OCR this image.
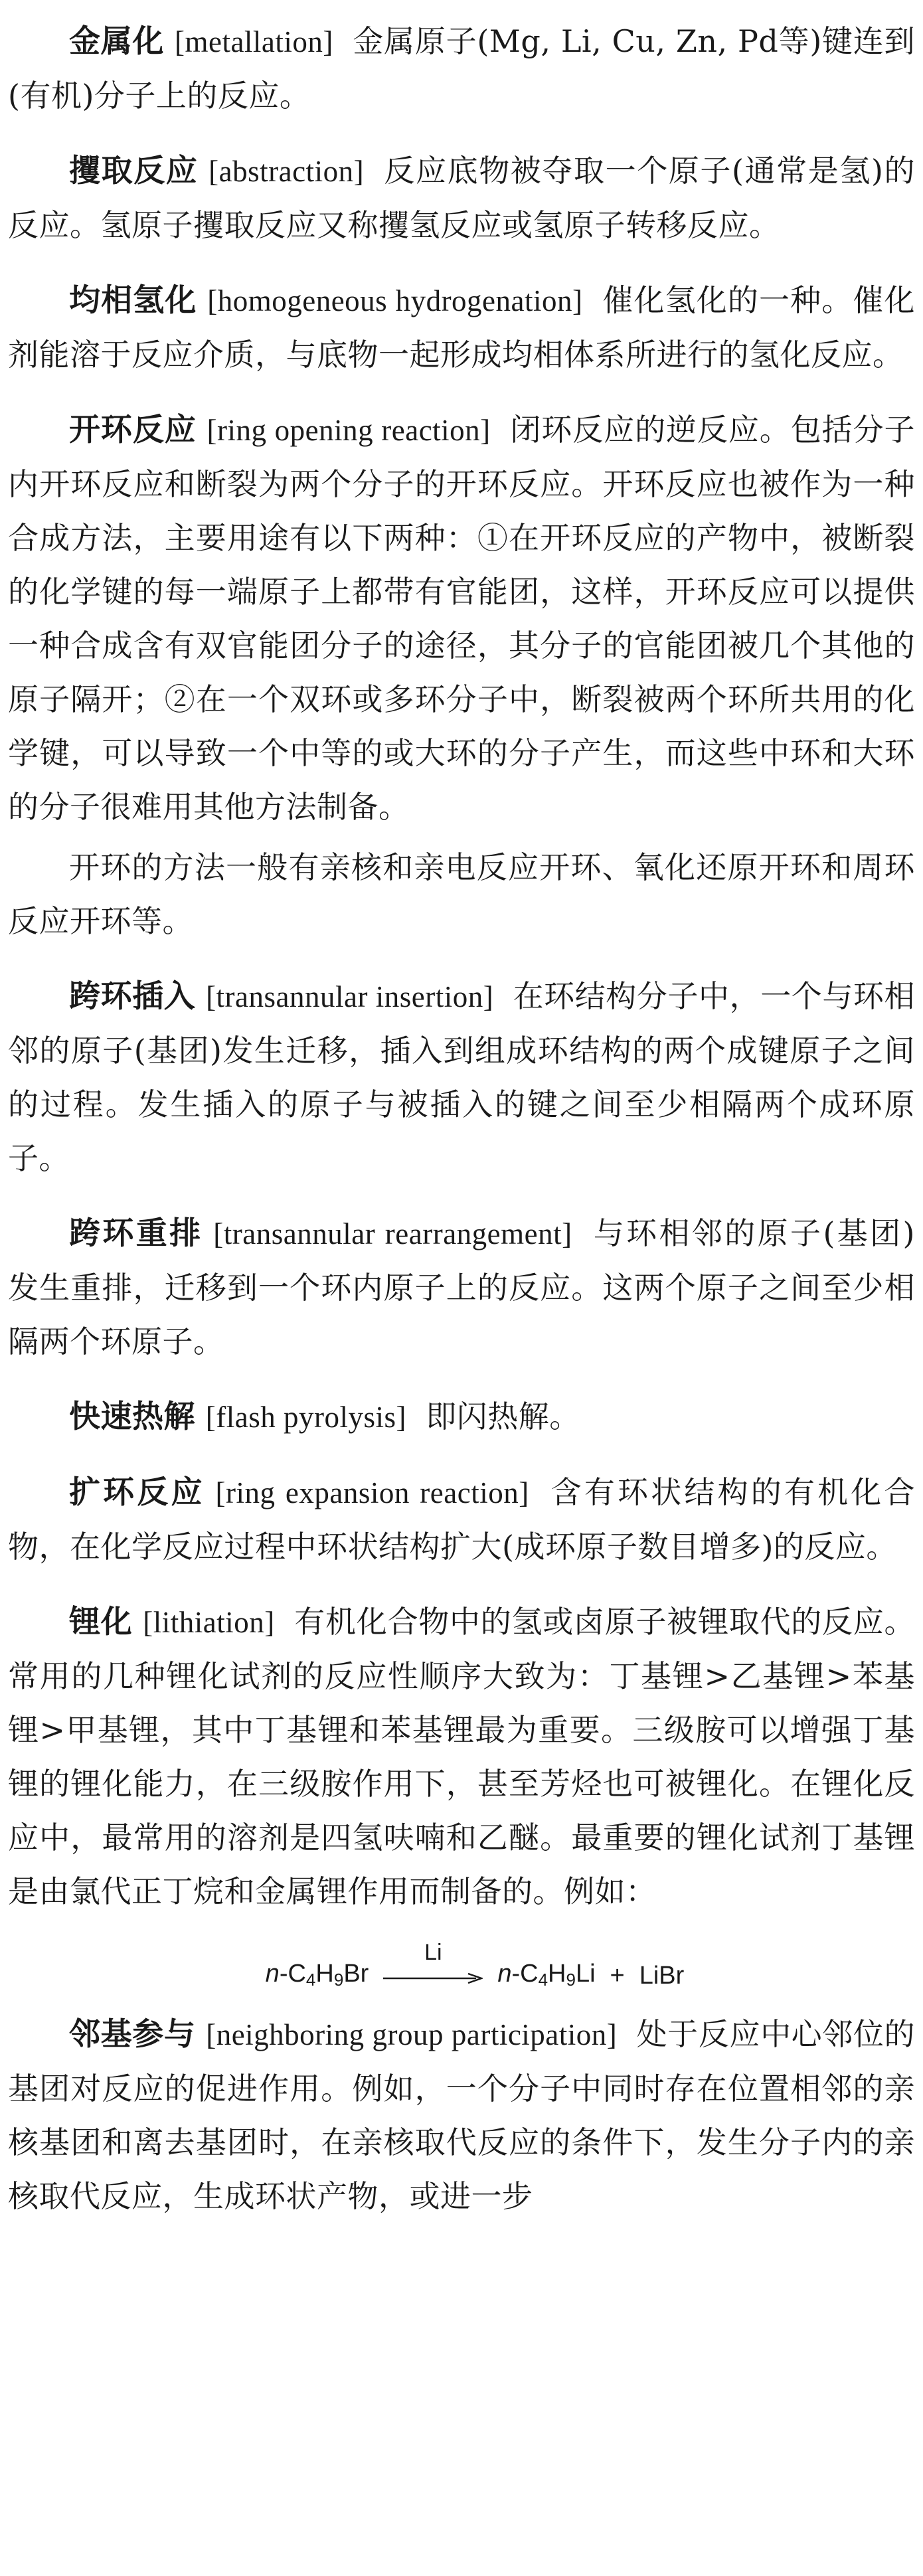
金属化 [metallation] 金属原子(Mg, Li, Cu, Zn, Pd等)键连到(有机)分子上的反应。

攫取反应 [abstraction] 反应底物被夺取一个原子(通常是氢)的反应。氢原子攫取反应又称攫氢反应或氢原子转移反应。

均相氢化 [homogeneous hydrogenation] 催化氢化的一种。催化剂能溶于反应介质，与底物一起形成均相体系所进行的氢化反应。

开环反应 [ring opening reaction] 闭环反应的逆反应。包括分子内开环反应和断裂为两个分子的开环反应。开环反应也被作为一种合成方法，主要用途有以下两种：①在开环反应的产物中，被断裂的化学键的每一端原子上都带有官能团，这样，开环反应可以提供一种合成含有双官能团分子的途径，其分子的官能团被几个其他的原子隔开；②在一个双环或多环分子中，断裂被两个环所共用的化学键，可以导致一个中等的或大环的分子产生，而这些中环和大环的分子很难用其他方法制备。

开环的方法一般有亲核和亲电反应开环、氧化还原开环和周环反应开环等。

跨环插入 [transannular insertion] 在环结构分子中，一个与环相邻的原子(基团)发生迁移，插入到组成环结构的两个成键原子之间的过程。发生插入的原子与被插入的键之间至少相隔两个成环原子。

跨环重排 [transannular rearrangement] 与环相邻的原子(基团)发生重排，迁移到一个环内原子上的反应。这两个原子之间至少相隔两个环原子。

快速热解 [flash pyrolysis] 即闪热解。

扩环反应 [ring expansion reaction] 含有环状结构的有机化合物，在化学反应过程中环状结构扩大(成环原子数目增多)的反应。

锂化 [lithiation] 有机化合物中的氢或卤原子被锂取代的反应。常用的几种锂化试剂的反应性顺序大致为：丁基锂>乙基锂>苯基锂>甲基锂，其中丁基锂和苯基锂最为重要。三级胺可以增强丁基锂的锂化能力，在三级胺作用下，甚至芳烃也可被锂化。在锂化反应中，最常用的溶剂是四氢呋喃和乙醚。最重要的锂化试剂丁基锂是由氯代正丁烷和金属锂作用而制备的。例如：

$n-C_4H_9Br$
Li
$n-C_4H_9Li$ + LiBr

邻基参与 [neighboring group participation] 处于反应中心邻位的基团对反应的促进作用。例如，一个分子中同时存在位置相邻的亲核基团和离去基团时，在亲核取代反应的条件下，发生分子内的亲核取代反应，生成环状产物，或进一步
